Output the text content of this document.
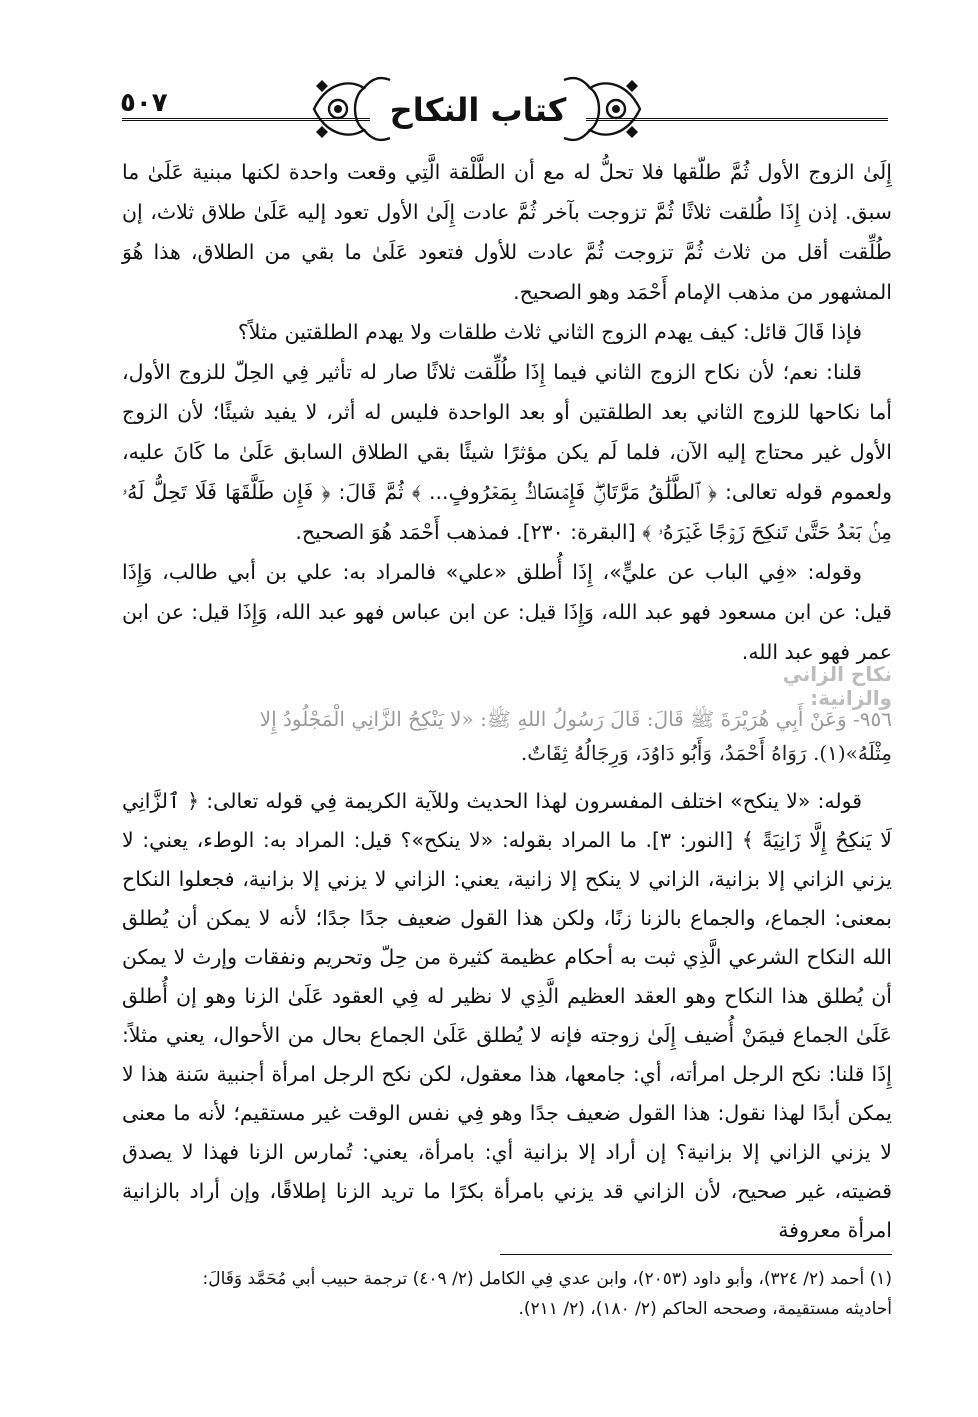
٥٠٧	كتاب النكاح

إِلَىٰ الزوج الأول ثُمَّ طلّقها فلا تحلُّ له مع أن الطَّلْقة الَّتِي وقعت واحدة لكنها مبنية عَلَىٰ ما سبق. إذن إِذَا طُلقت ثلاثًا ثُمَّ تزوجت بآخر ثُمَّ عادت إِلَىٰ الأول تعود إليه عَلَىٰ طلاق ثلاث، إن طُلِّقت أقل من ثلاث ثُمَّ تزوجت ثُمَّ عادت للأول فتعود عَلَىٰ ما بقي من الطلاق، هذا هُوَ المشهور من مذهب الإمام أَحْمَد وهو الصحيح.

فإذا قَالَ قائل: كيف يهدم الزوج الثاني ثلاث طلقات ولا يهدم الطلقتين مثلاً؟

قلنا: نعم؛ لأن نكاح الزوج الثاني فيما إِذَا طُلِّقت ثلاثًا صار له تأثير فِي الحِلّ للزوج الأول، أما نكاحها للزوج الثاني بعد الطلقتين أو بعد الواحدة فليس له أثر، لا يفيد شيئًا؛ لأن الزوج الأول غير محتاج إليه الآن، فلما لَم يكن مؤثرًا شيئًا بقي الطلاق السابق عَلَىٰ ما كَانَ عليه، ولعموم قوله تعالى: ﴿ ٱلطَّلَٰقُ مَرَّتَانِۖ فَإِمۡسَاكُۢ بِمَعۡرُوفٍ... ﴾ ثُمَّ قَالَ: ﴿ فَإِن طَلَّقَهَا فَلَا تَحِلُّ لَهُۥ مِنۢ بَعۡدُ حَتَّىٰ تَنكِحَ زَوۡجًا غَيۡرَهُۥ ﴾ [البقرة: ٢٣٠]. فمذهب أَحْمَد هُوَ الصحيح.

وقوله: «فِي الباب عن عليٍّ»، إِذَا أُطلق «علي» فالمراد به: علي بن أبي طالب، وَإِذَا قيل: عن ابن مسعود فهو عبد الله، وَإِذَا قيل: عن ابن عباس فهو عبد الله، وَإِذَا قيل: عن ابن عمر فهو عبد الله.

نكاح الزاني والزانية:
٩٥٦- وَعَنْ أَبِي هُرَيْرَةَ ﷺ قَالَ: قَالَ رَسُولُ اللهِ ﷺ: «لا يَنْكِحُ الزَّانِي الْمَجْلُودُ إِلا
مِثْلَهُ»(١). رَوَاهُ أَحْمَدُ، وَأَبُو دَاوُدَ، وَرِجَالُهُ ثِقَاتٌ.

قوله: «لا ينكح» اختلف المفسرون لهذا الحديث وللآية الكريمة فِي قوله تعالى: ﴿ ٱلزَّانِي لَا يَنكِحُ إِلَّا زَانِيَةً ﴾ [النور: ٣]. ما المراد بقوله: «لا ينكح»؟ قيل: المراد به: الوطء، يعني: لا يزني الزاني إلا بزانية، الزاني لا ينكح إلا زانية، يعني: الزاني لا يزني إلا بزانية، فجعلوا النكاح بمعنى: الجماع، والجماع بالزنا زنًا، ولكن هذا القول ضعيف جدًا جدًا؛ لأنه لا يمكن أن يُطلق الله النكاح الشرعي الَّذِي ثبت به أحكام عظيمة كثيرة من حِلّ وتحريم ونفقات وإرث لا يمكن أن يُطلق هذا النكاح وهو العقد العظيم الَّذِي لا نظير له فِي العقود عَلَىٰ الزنا وهو إن أُطلق عَلَىٰ الجماع فيمَنْ أُضيف إِلَىٰ زوجته فإنه لا يُطلق عَلَىٰ الجماع بحال من الأحوال، يعني مثلاً: إِذَا قلنا: نكح الرجل امرأته، أي: جامعها، هذا معقول، لكن نكح الرجل امرأة أجنبية سَنة هذا لا يمكن أبدًا لهذا نقول: هذا القول ضعيف جدًا وهو فِي نفس الوقت غير مستقيم؛ لأنه ما معنى لا يزني الزاني إلا بزانية؟ إن أراد إلا بزانية أي: بامرأة، يعني: تُمارس الزنا فهذا لا يصدق قضيته، غير صحيح، لأن الزاني قد يزني بامرأة بكرًا ما تريد الزنا إطلاقًا، وإن أراد بالزانية امرأة معروفة

(١) أحمد (٢/ ٣٢٤)، وأبو داود (٢٠٥٣)، وابن عدي فِي الكامل (٢/ ٤٠٩) ترجمة حبيب أبي مُحَمَّد وَقَالَ:

أحاديثه مستقيمة، وصححه الحاكم (٢/ ١٨٠)، (٢/ ٢١١).
